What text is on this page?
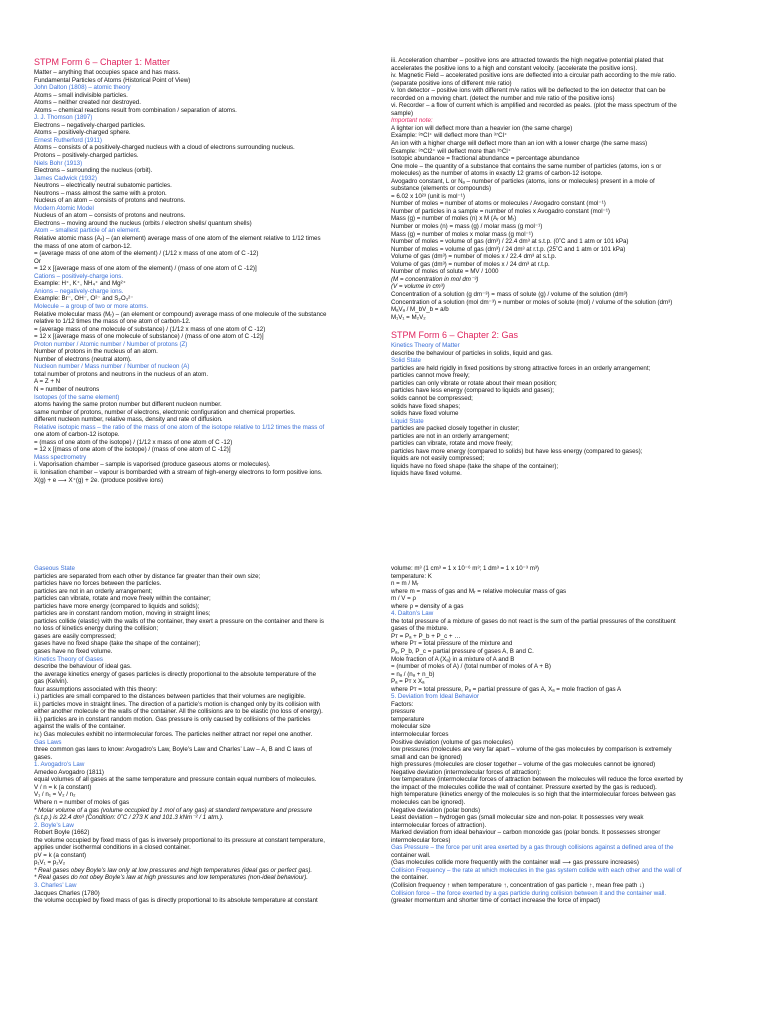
STPM Form 6 – Chapter 1: Matter
Matter – anything that occupies space and has mass.
Fundamental Particles of Atoms (Historical Point of View)
John Dalton (1808) – atomic theory
Atoms – small indivisible particles.
Atoms – neither created nor destroyed.
Atoms – chemical reactions result from combination / separation of atoms.
J. J. Thomson (1897)
Electrons – negatively-charged particles.
Atoms – positively-charged sphere.
Ernest Rutherford (1911)
Atoms – consists of a positively-charged nucleus with a cloud of electrons surrounding nucleus.
Protons – positively-charged particles.
Niels Bohr (1913)
Electrons – surrounding the nucleus (orbit).
James Cadwick (1932)
Neutrons – electrically neutral subatomic particles.
Neutrons – mass almost the same with a proton.
Nucleus of an atom – consists of protons and neutrons.
Modern Atomic Model
Nucleus of an atom – consists of protons and neutrons.
Electrons – moving around the nucleus (orbits / electron shells/ quantum shells)
Atom – smallest particle of an element.
Relative atomic mass (Aᵣ) – (an element) average mass of one atom of the element relative to 1/12 times
the mass of one atom of carbon-12.
= (average mass of one atom of the element) / (1/12 x mass of one atom of C -12)
Or
= 12 x [(average mass of one atom of the element) / (mass of one atom of C -12)]
Cations – positively-charge ions.
Example: H⁺, K⁺, NH₄⁺ and Mg²⁺
Anions – negatively-charge ions.
Example: Br⁻, OH⁻, O²⁻ and S₂O₃²⁻
Molecule – a group of two or more atoms.
Relative molecular mass (Mᵣ) – (an element or compound) average mass of one molecule of the substance
relative to 1/12 times the mass of one atom of carbon-12.
= (average mass of one molecule of substance) / (1/12 x mass of one atom of C -12)
= 12 x [(average mass of one molecule of substance) / (mass of one atom of C -12)]
Proton number / Atomic number / Number of protons (Z)
Number of protons in the nucleus of an atom.
Number of electrons (neutral atom).
Nucleon number / Mass number / Number of nucleon (A)
total number of protons and neutrons in the nucleus of an atom.
A = Z + N
N = number of neutrons
Isotopes (of the same element)
atoms having the same proton number but different nucleon number.
same number of protons, number of electrons, electronic configuration and chemical properties.
different nucleon number, relative mass, density and rate of diffusion.
Relative isotopic mass – the ratio of the mass of one atom of the isotope relative to 1/12 times the mass of
one atom of carbon-12 isotope.
= (mass of one atom of the isotope) / (1/12 x mass of one atom of C -12)
= 12 x [(mass of one atom of the isotope) / (mass of one atom of C -12)]
Mass spectrometry
i. Vaporisation chamber – sample is vaporised (produce gaseous atoms or molecules).
ii. Ionisation chamber – vapour is bombarded with a stream of high-energy electrons to form positive ions.
X(g) + e ⟶ X⁺(g) + 2e. (produce positive ions)
iii. Acceleration chamber – positive ions are attracted towards the high negative potential plated that
accelerates the positive ions to a high and constant velocity. (accelerate the positive ions).
iv. Magnetic Field – accelerated positive ions are deflected into a circular path according to the m/e ratio.
(separate positive ions of different m/e ratio)
v. Ion detector – positive ions with different m/e ratios will be deflected to the ion detector that can be
recorded on a moving chart. (detect the number and m/e ratio of the positive ions)
vi. Recorder – a flow of current which is amplified and recorded as peaks. (plot the mass spectrum of the
sample)
Important note:
A lighter ion will deflect more than a heavier ion (the same charge)
Example: ³⁵Cl⁺ will deflect more than ³⁷Cl⁺
An ion with a higher charge will deflect more than an ion with a lower charge (the same mass)
Example: ³⁵Cl2⁺ will deflect more than ³⁵Cl⁺
Isotopic abundance = fractional abundance = percentage abundance
One mole – the quantity of a substance that contains the same number of particles (atoms, ion s or
molecules) as the number of atoms in exactly 12 grams of carbon-12 isotope.
Avogadro constant, L or Nₐ – number of particles (atoms, ions or molecules) present in a mole of
substance (elements or compounds)
= 6.02 x 10²³ (unit is mol⁻¹)
Number of moles = number of atoms or molecules / Avogadro constant (mol⁻¹)
Number of particles in a sample = number of moles x Avogadro constant (mol⁻¹)
Mass (g) = number of moles (n) x M (Aᵣ or Mᵣ)
Number or moles (n) = mass (g) / molar mass (g mol⁻¹)
Mass (g) = number of moles x molar mass (g mol⁻¹)
Number of moles = volume of gas (dm³) / 22.4 dm³ at s.t.p. (0˚C and 1 atm or 101 kPa)
Number of moles = volume of gas (dm³) / 24 dm³ at r.t.p. (25˚C and 1 atm or 101 kPa)
Volume of gas (dm³) = number of moles x / 22.4 dm³ at s.t.p.
Volume of gas (dm³) = number of moles x / 24 dm³ at r.t.p.
Number of moles of solute = MV / 1000
(M = concentration in mol dm⁻³)
(V = volume in cm³)
Concentration of a solution (g dm⁻³) = mass of solute (g) / volume of the solution (dm³)
Concentration of a solution (mol dm⁻³) = number or moles of solute (mol) / volume of the solution (dm³)
MₐVₐ / M_bV_b = a/b
M₁V₁ = M₂V₂
STPM Form 6 – Chapter 2: Gas
Kinetics Theory of Matter
describe the behaviour of particles in solids, liquid and gas.
Solid State
particles are held rigidly in fixed positions by strong attractive forces in an orderly arrangement;
particles cannot move freely;
particles can only vibrate or rotate about their mean position;
particles have less energy (compared to liquids and gases);
solids cannot be compressed;
solids have fixed shapes;
solids have fixed volume
Liquid State
particles are packed closely together in cluster;
particles are not in an orderly arrangement;
particles can vibrate, rotate and move freely;
particles have more energy (compared to solids) but have less energy (compared to gases);
liquids are not easily compressed;
liquids have no fixed shape (take the shape of the container);
liquids have fixed volume.
Gaseous State
particles are separated from each other by distance far greater than their own size;
particles have no forces between the particles.
particles are not in an orderly arrangement;
particles can vibrate, rotate and move freely within the container;
particles have more energy (compared to liquids and solids);
particles are in constant random motion, moving in straight lines;
particles collide (elastic) with the walls of the container, they exert a pressure on the container and there is
no loss of kinetics energy during the collision;
gases are easily compressed;
gases have no fixed shape (take the shape of the container);
gases have no fixed volume.
Kinetics Theory of Gases
describe the behaviour of ideal gas.
the average kinetics energy of gases particles is directly proportional to the absolute temperature of the
gas (Kelvin).
four assumptions associated with this theory:
i.) particles are small compared to the distances between particles that their volumes are negligible.
ii.) particles move in straight lines. The direction of a particle’s motion is changed only by its collision with
either another molecule or the walls of the container. All the collisions are to be elastic (no loss of energy).
iii.) particles are in constant random motion. Gas pressure is only caused by collisions of the particles
against the walls of the container.
iv.) Gas molecules exhibit no intermolecular forces. The particles neither attract nor repel one another.
Gas Laws
three common gas laws to know: Avogadro’s Law, Boyle’s Law and Charles’ Law – A, B and C laws of
gases.
1. Avogadro’s Law
Amedeo Avogadro (1811)
equal volumes of all gases at the same temperature and pressure contain equal numbers of molecules.
V / n = k (a constant)
V₁ / n₁ = V₂ / n₂
Where n = number of moles of gas
* Molar volume of a gas (volume occupied by 1 mol of any gas) at standard temperature and pressure
(s.t.p.) is 22.4 dm³ (Condition: 0˚C / 273 K and 101.3 kNm⁻² / 1 atm.).
2. Boyle’s Law
Robert Boyle (1662)
the volume occupied by fixed mass of gas is inversely proportional to its pressure at constant temperature,
applies under isothermal conditions in a closed container.
pV = k (a constant)
p₁V₁ = p₂V₂
* Real gases obey Boyle’s law only at low pressures and high temperatures (ideal gas or perfect gas).
* Real gases do not obey Boyle’s law at high pressures and low temperatures (non-ideal behaviour).
3. Charles’ Law
Jacques Charles (1780)
the volume occupied by fixed mass of gas is directly proportional to its absolute temperature at constant
volume: m³ (1 cm³ = 1 x 10⁻⁶ m³; 1 dm³ = 1 x 10⁻³ m³)
temperature: K
n = m / Mᵣ
where m = mass of gas and Mᵣ = relative molecular mass of gas
m / V = ρ
where ρ = density of a gas
4. Dalton’s Law
the total pressure of a mixture of gases do not react is the sum of the partial pressures of the constituent
gases of the mixture.
Pᴛ = Pₐ + P_b + P_c + …
where Pᴛ = total pressure of the mixture and
Pₐ, P_b, P_c = partial pressure of gases A, B and C.
Mole fraction of A (Xₐ) in a mixture of A and B
= (number of moles of A) / (total number of moles of A + B)
= nₐ / (nₐ + n_b)
Pₐ = Pᴛ x Xₐ
where Pᴛ = total pressure, Pₐ = partial pressure of gas A, Xₐ = mole fraction of gas A
5. Deviation from Ideal Behavior
Factors:
pressure
temperature
molecular size
intermolecular forces
Positive deviation (volume of gas molecules)
low pressures (molecules are very far apart – volume of the gas molecules by comparison is extremely
small and can be ignored)
high pressures (molecules are closer together – volume of the gas molecules cannot be ignored)
Negative deviation (intermolecular forces of attraction):
low temperature (intermolecular forces of attraction between the molecules will reduce the force exerted by
the impact of the molecules collide the wall of container. Pressure exerted by the gas is reduced).
high temperature (kinetics energy of the molecules is so high that the intermolecular forces between gas
molecules can be ignored).
Negative deviation (polar bonds)
Least deviation – hydrogen gas (small molecular size and non-polar. It possesses very weak
intermolecular forces of attraction).
Marked deviation from ideal behaviour – carbon monoxide gas (polar bonds. It possesses stronger
intermolecular forces)
Gas Pressure – the force per unit area exerted by a gas through collisions against a defined area of the
container wall.
(Gas molecules collide more frequently with the container wall ⟶ gas pressure increases)
Collision Frequency – the rate at which molecules in the gas system collide with each other and the wall of
the container.
(Collision frequency ↑ when temperature ↑, concentration of gas particle ↑, mean free path ↓)
Collision force – the force exerted by a gas particle during collision between it and the container wall.
(greater momentum and shorter time of contact increase the force of impact)
